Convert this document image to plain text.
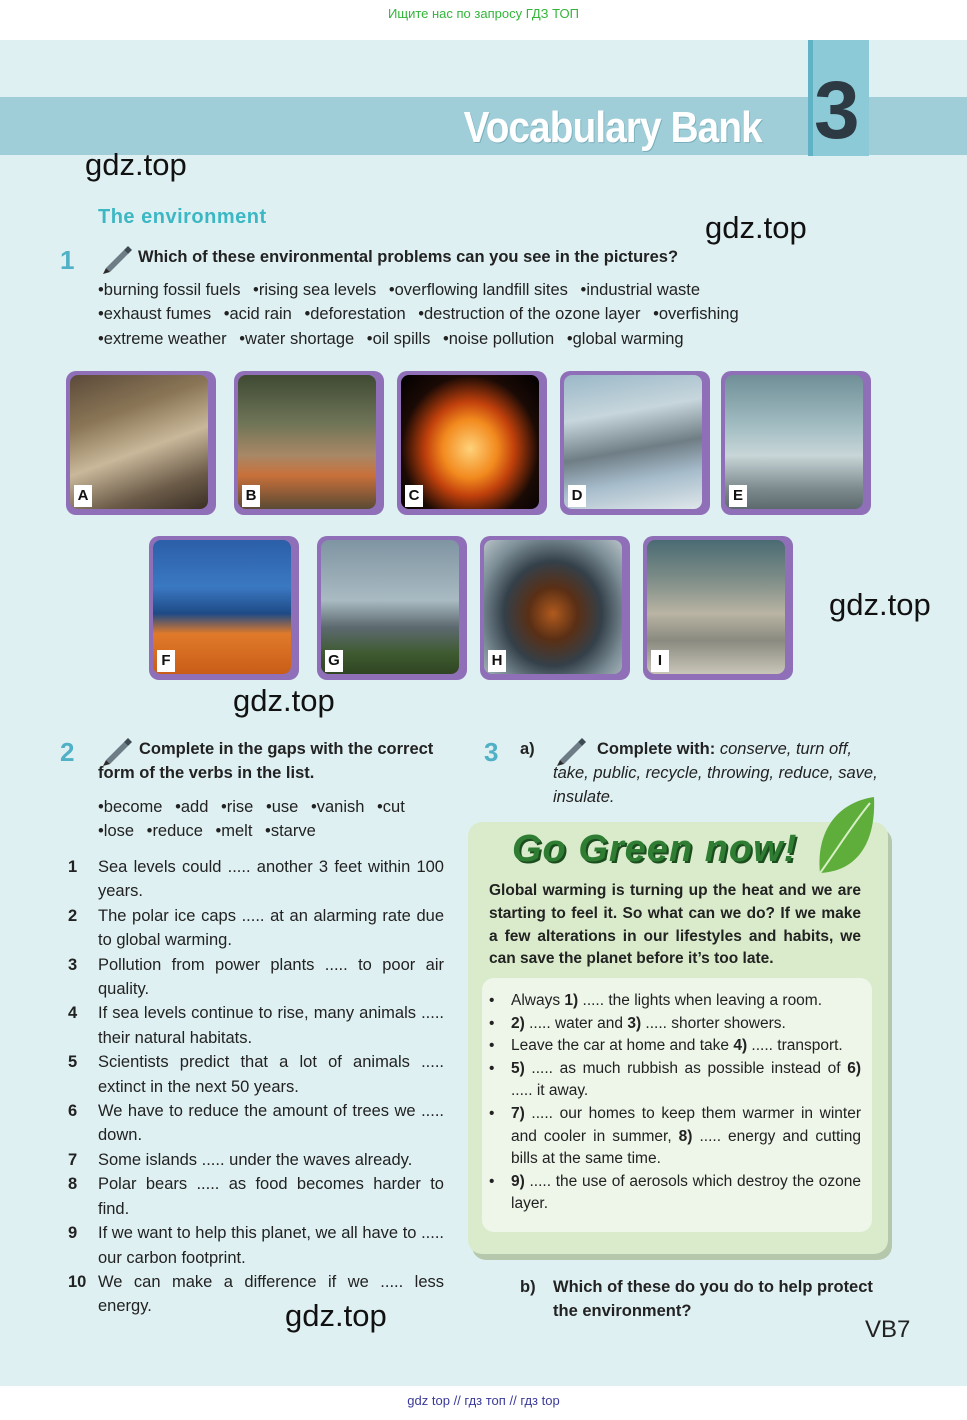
Ищите нас по запросу ГДЗ ТОП
Vocabulary Bank 3
gdz.top
gdz.top
gdz.top
gdz.top
gdz.top
The environment
1	Which of these environmental problems can you see in the pictures?
• burning fossil fuels • rising sea levels • overflowing landfill sites • industrial waste
• exhaust fumes • acid rain • deforestation • destruction of the ozone layer • overfishing
• extreme weather • water shortage • oil spills • noise pollution • global warming
A	B	C	D	E
F	G	H	I
2	Complete in the gaps with the correct
form of the verbs in the list.
• become • add • rise • use • vanish • cut
• lose • reduce • melt • starve
1	Sea levels could ..... another 3 feet within 100 years.
2	The polar ice caps ..... at an alarming rate due to global warming.
3	Pollution from power plants ..... to poor air quality.
4	If sea levels continue to rise, many animals ..... their natural habitats.
5	Scientists predict that a lot of animals ..... extinct in the next 50 years.
6	We have to reduce the amount of trees we ..... down.
7	Some islands ..... under the waves already.
8	Polar bears ..... as food becomes harder to find.
9	If we want to help this planet, we all have to ..... our carbon footprint.
10 We can make a difference if we ..... less energy.
3 a)	Complete with: conserve, turn off,
take, public, recycle, throwing, reduce, save,
insulate.
Go Green now!
Global warming is turning up the heat and we are starting to feel it. So what can we do? If we make a few alterations in our lifestyles and habits, we can save the planet before it’s too late.
•	Always 1) ..... the lights when leaving a room.
•	2) ..... water and 3) ..... shorter showers.
•	Leave the car at home and take 4) ..... transport.
•	5) ..... as much rubbish as possible instead of 6) ..... it away.
•	7) ..... our homes to keep them warmer in winter and cooler in summer, 8) ..... energy and cutting bills at the same time.
•	9) ..... the use of aerosols which destroy the ozone layer.
b) Which of these do you do to help protect
the environment?
VB7
gdz top // гдз топ // гдз top
